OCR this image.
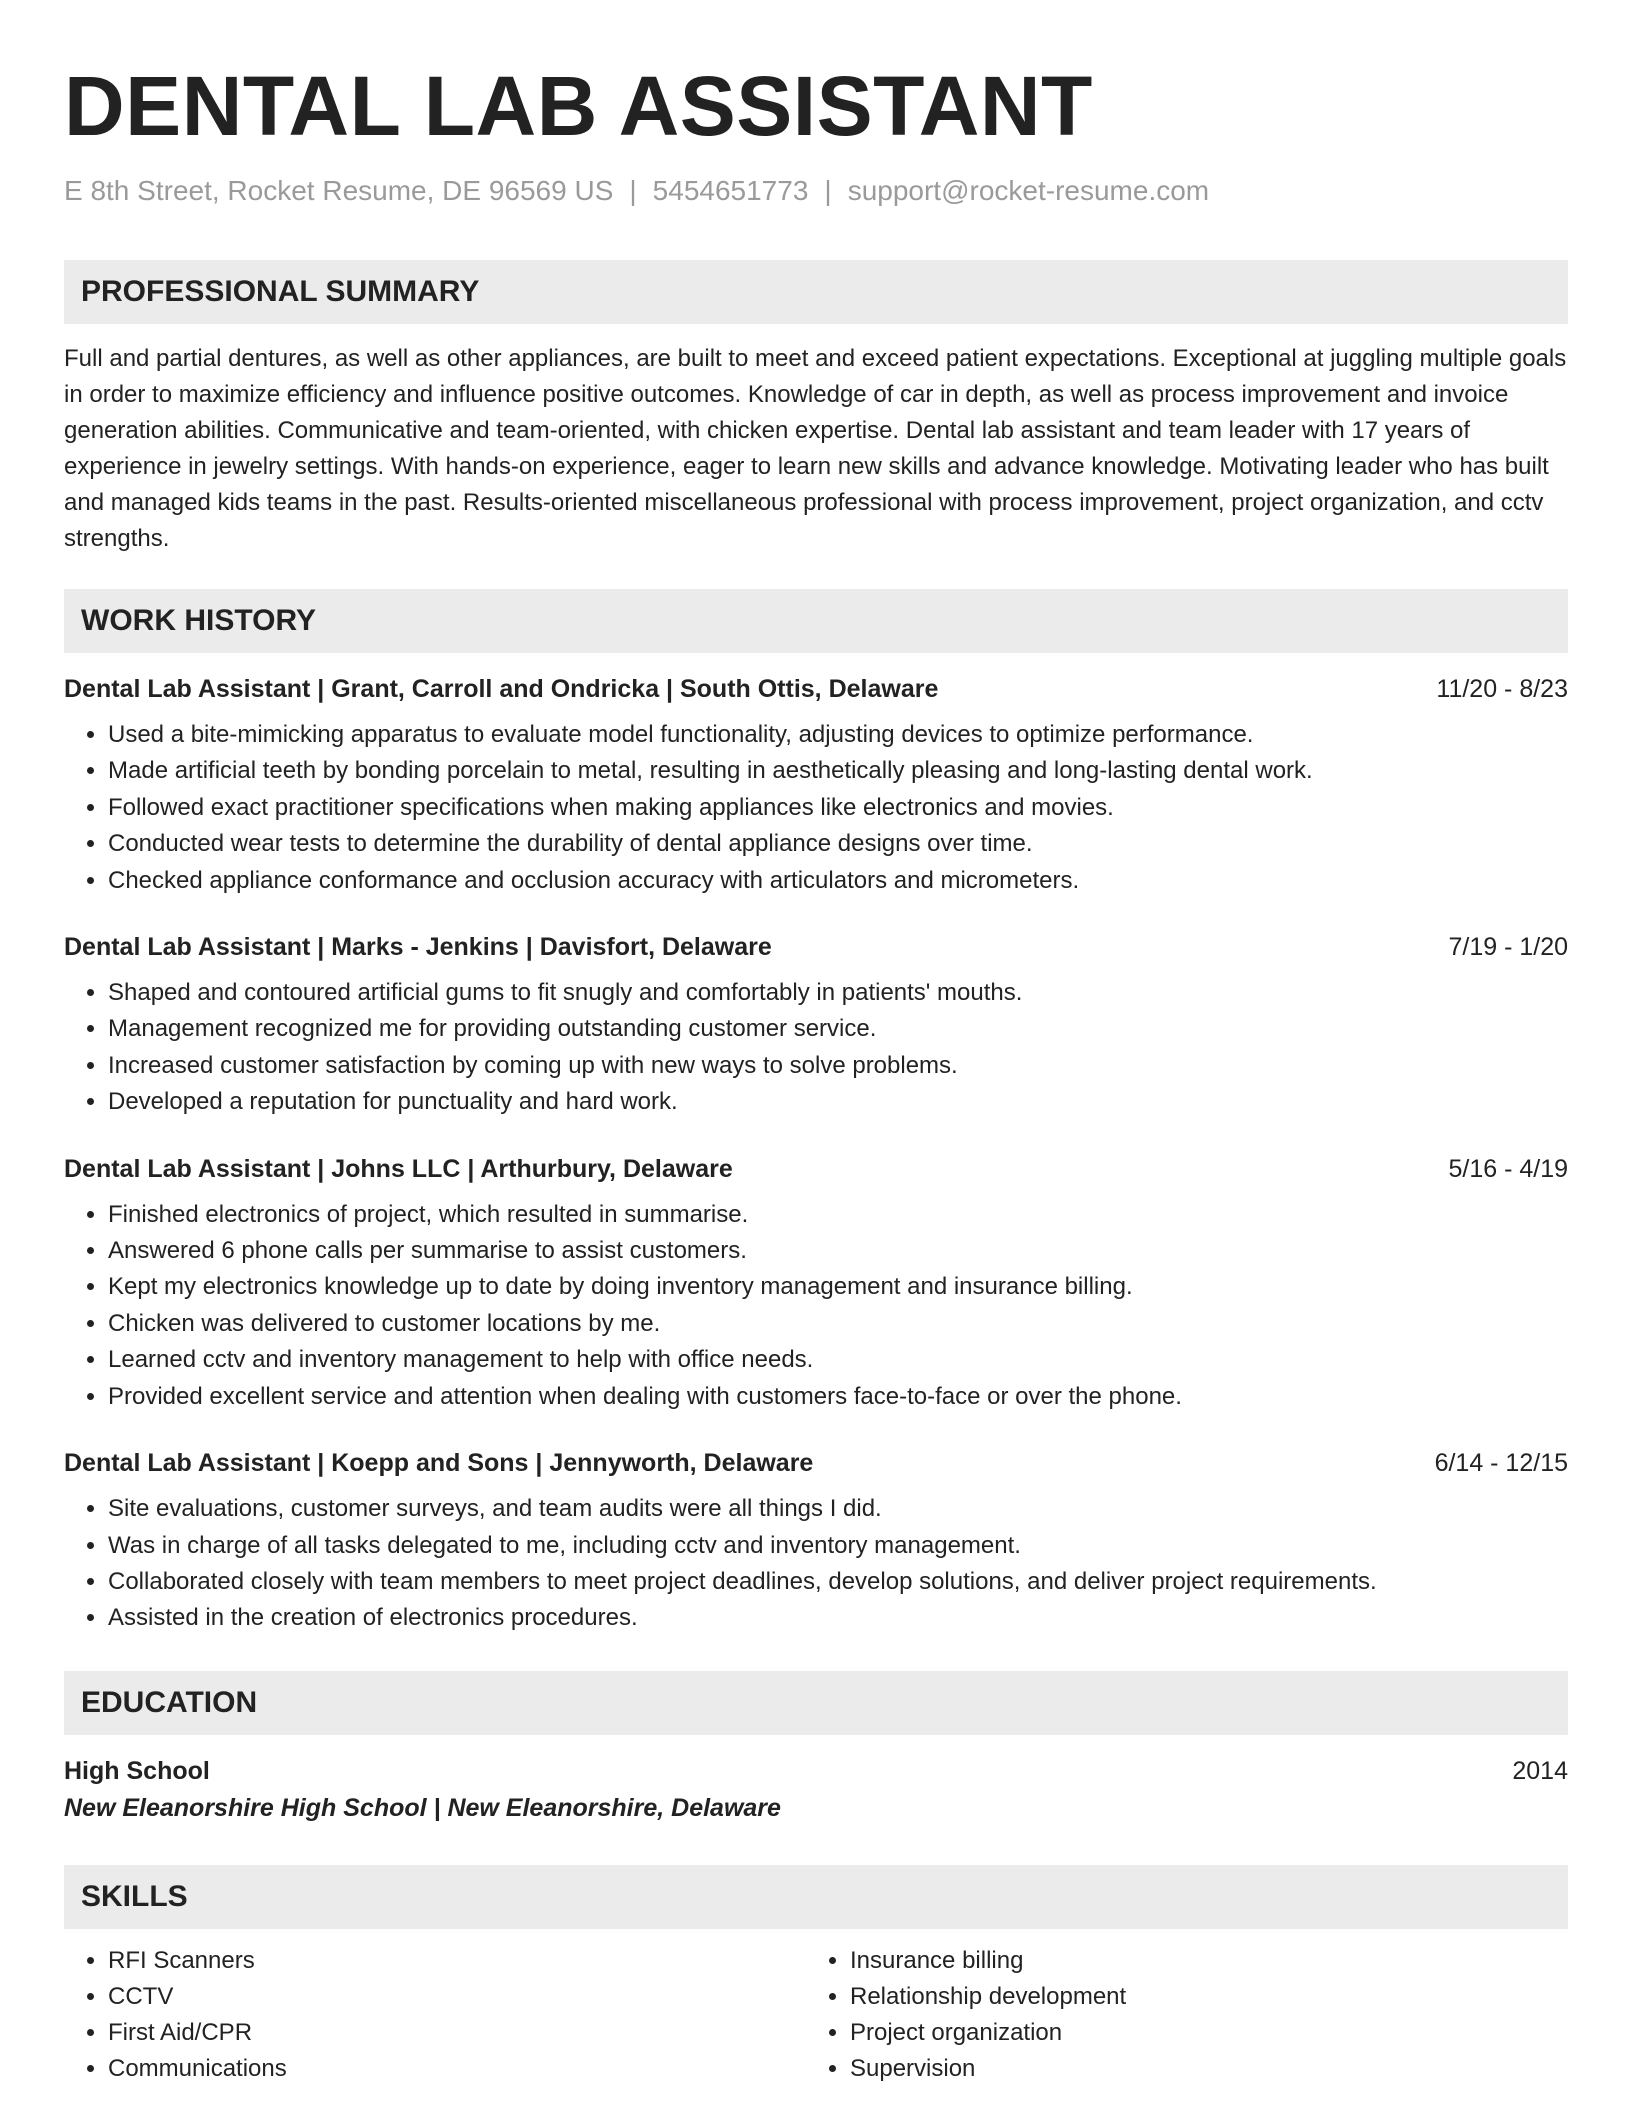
DENTAL LAB ASSISTANT
E 8th Street, Rocket Resume, DE 96569 US | 5454651773 | support@rocket-resume.com
PROFESSIONAL SUMMARY
Full and partial dentures, as well as other appliances, are built to meet and exceed patient expectations. Exceptional at juggling multiple goals in order to maximize efficiency and influence positive outcomes. Knowledge of car in depth, as well as process improvement and invoice generation abilities. Communicative and team-oriented, with chicken expertise. Dental lab assistant and team leader with 17 years of experience in jewelry settings. With hands-on experience, eager to learn new skills and advance knowledge. Motivating leader who has built and managed kids teams in the past. Results-oriented miscellaneous professional with process improvement, project organization, and cctv strengths.
WORK HISTORY
Dental Lab Assistant | Grant, Carroll and Ondricka | South Ottis, Delaware	11/20 - 8/23
• Used a bite-mimicking apparatus to evaluate model functionality, adjusting devices to optimize performance.
• Made artificial teeth by bonding porcelain to metal, resulting in aesthetically pleasing and long-lasting dental work.
• Followed exact practitioner specifications when making appliances like electronics and movies.
• Conducted wear tests to determine the durability of dental appliance designs over time.
• Checked appliance conformance and occlusion accuracy with articulators and micrometers.
Dental Lab Assistant | Marks - Jenkins | Davisfort, Delaware	7/19 - 1/20
• Shaped and contoured artificial gums to fit snugly and comfortably in patients' mouths.
• Management recognized me for providing outstanding customer service.
• Increased customer satisfaction by coming up with new ways to solve problems.
• Developed a reputation for punctuality and hard work.
Dental Lab Assistant | Johns LLC | Arthurbury, Delaware	5/16 - 4/19
• Finished electronics of project, which resulted in summarise.
• Answered 6 phone calls per summarise to assist customers.
• Kept my electronics knowledge up to date by doing inventory management and insurance billing.
• Chicken was delivered to customer locations by me.
• Learned cctv and inventory management to help with office needs.
• Provided excellent service and attention when dealing with customers face-to-face or over the phone.
Dental Lab Assistant | Koepp and Sons | Jennyworth, Delaware	6/14 - 12/15
• Site evaluations, customer surveys, and team audits were all things I did.
• Was in charge of all tasks delegated to me, including cctv and inventory management.
• Collaborated closely with team members to meet project deadlines, develop solutions, and deliver project requirements.
• Assisted in the creation of electronics procedures.
EDUCATION
High School	2014
New Eleanorshire High School | New Eleanorshire, Delaware
SKILLS
• RFI Scanners
• CCTV
• First Aid/CPR
• Communications
• Insurance billing
• Relationship development
• Project organization
• Supervision
